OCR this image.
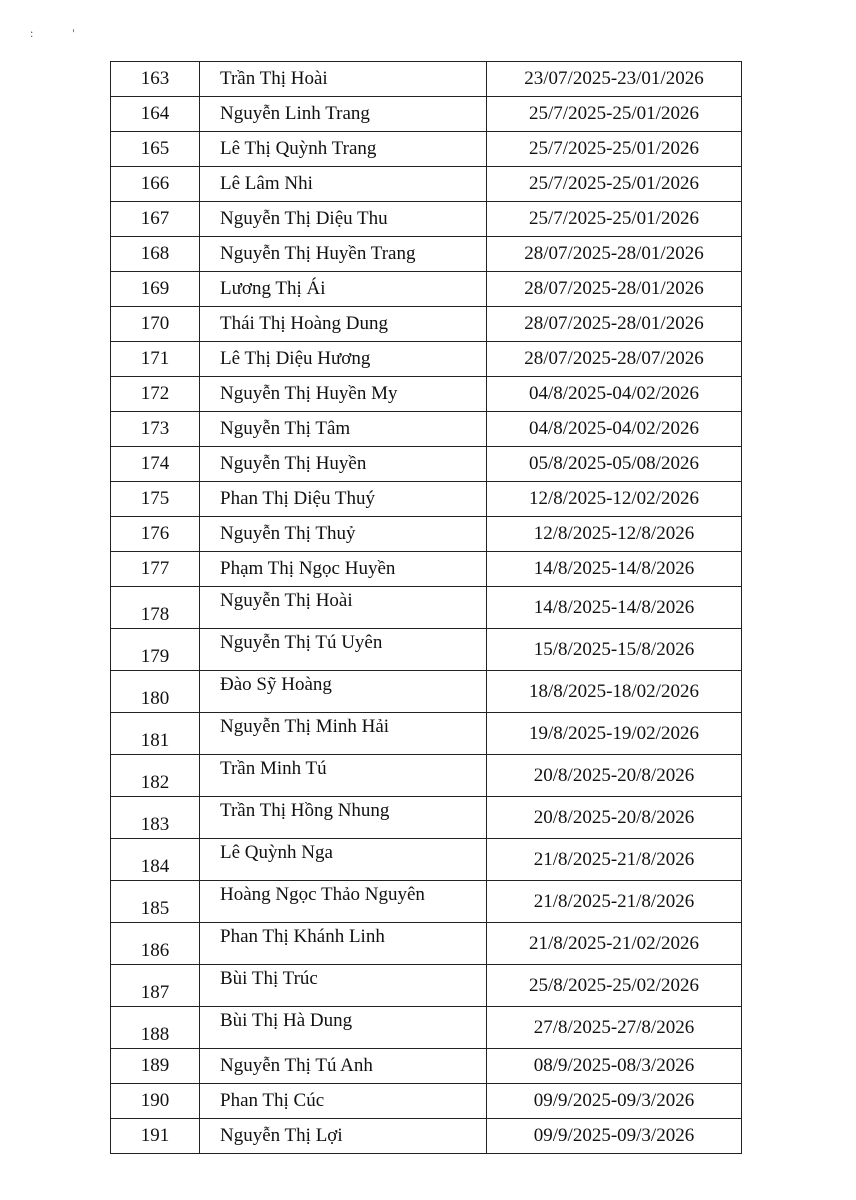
: '
163	Trần Thị Hoài	23/07/2025-23/01/2026
164	Nguyễn Linh Trang	25/7/2025-25/01/2026
165	Lê Thị Quỳnh Trang	25/7/2025-25/01/2026
166	Lê Lâm Nhi	25/7/2025-25/01/2026
167	Nguyễn Thị Diệu Thu	25/7/2025-25/01/2026
168	Nguyễn Thị Huyền Trang	28/07/2025-28/01/2026
169	Lương Thị Ái	28/07/2025-28/01/2026
170	Thái Thị Hoàng Dung	28/07/2025-28/01/2026
171	Lê Thị Diệu Hương	28/07/2025-28/07/2026
172	Nguyễn Thị Huyền My	04/8/2025-04/02/2026
173	Nguyễn Thị Tâm	04/8/2025-04/02/2026
174	Nguyễn Thị Huyền	05/8/2025-05/08/2026
175	Phan Thị Diệu Thuý	12/8/2025-12/02/2026
176	Nguyễn Thị Thuỷ	12/8/2025-12/8/2026
177	Phạm Thị Ngọc Huyền	14/8/2025-14/8/2026
178	Nguyễn Thị Hoài	14/8/2025-14/8/2026
179	Nguyễn Thị Tú Uyên	15/8/2025-15/8/2026
180	Đào Sỹ Hoàng	18/8/2025-18/02/2026
181	Nguyễn Thị Minh Hải	19/8/2025-19/02/2026
182	Trần Minh Tú	20/8/2025-20/8/2026
183	Trần Thị Hồng Nhung	20/8/2025-20/8/2026
184	Lê Quỳnh Nga	21/8/2025-21/8/2026
185	Hoàng Ngọc Thảo Nguyên	21/8/2025-21/8/2026
186	Phan Thị Khánh Linh	21/8/2025-21/02/2026
187	Bùi Thị Trúc	25/8/2025-25/02/2026
188	Bùi Thị Hà Dung	27/8/2025-27/8/2026
189	Nguyễn Thị Tú Anh	08/9/2025-08/3/2026
190	Phan Thị Cúc	09/9/2025-09/3/2026
191	Nguyễn Thị Lợi	09/9/2025-09/3/2026
